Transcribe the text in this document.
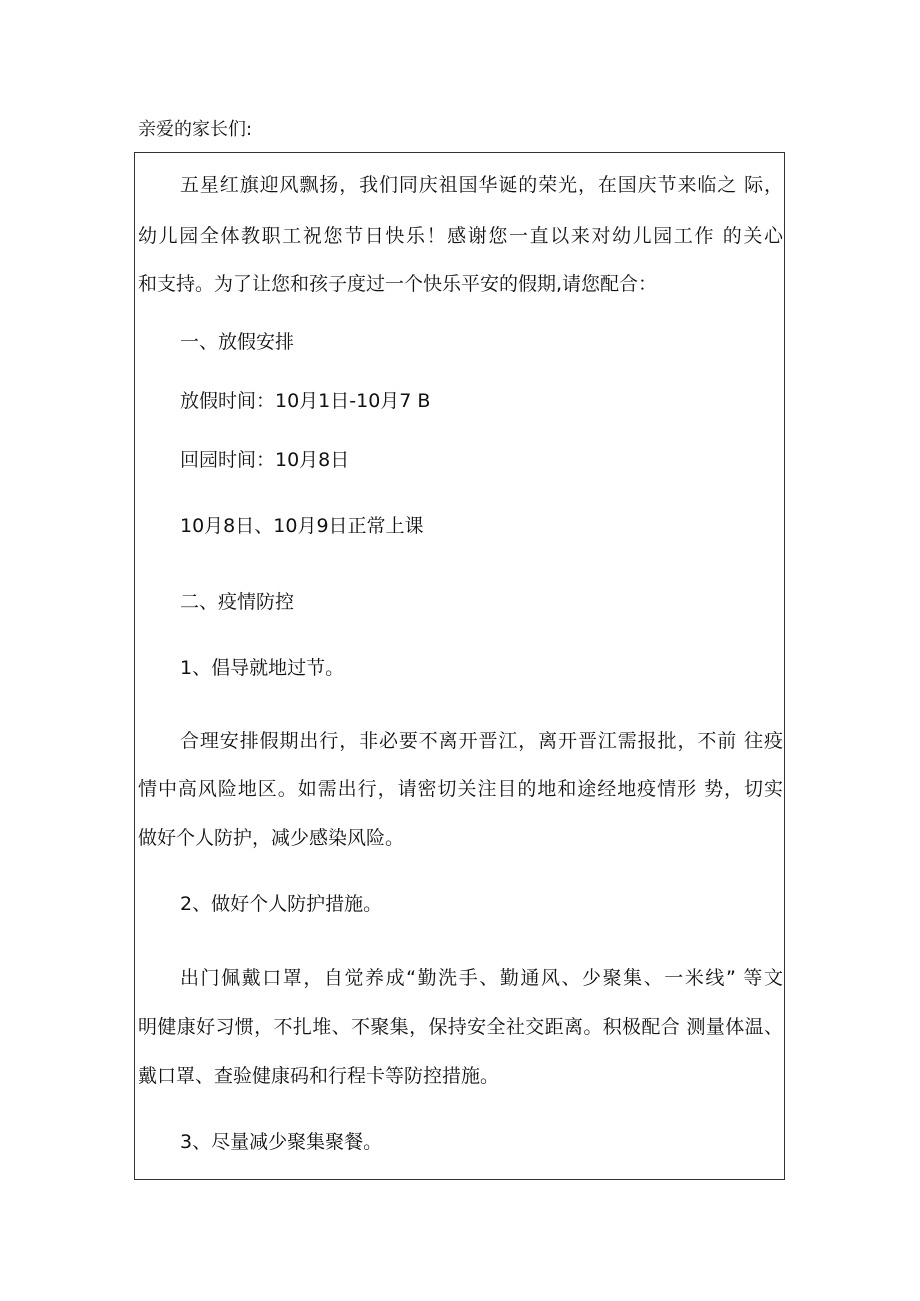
亲爱的家长们:
五星红旗迎风飘扬，我们同庆祖国华诞的荣光，在国庆节来临之 际，
幼儿园全体教职工祝您节日快乐！感谢您一直以来对幼儿园工作 的关心
和支持。为了让您和孩子度过一个快乐平安的假期,请您配合：
一、放假安排
放假时间：10月1日-10月7 B
回园时间：10月8日
10月8日、10月9日正常上课
二、疫情防控
1、倡导就地过节。
合理安排假期出行，非必要不离开晋江，离开晋江需报批，不前 往疫
情中高风险地区。如需出行，请密切关注目的地和途经地疫情形 势，切实
做好个人防护，减少感染风险。
2、做好个人防护措施。
出门佩戴口罩，自觉养成“勤洗手、勤通风、少聚集、一米线” 等文
明健康好习惯，不扎堆、不聚集，保持安全社交距离。积极配合 测量体温、
戴口罩、查验健康码和行程卡等防控措施。
3、尽量减少聚集聚餐。
